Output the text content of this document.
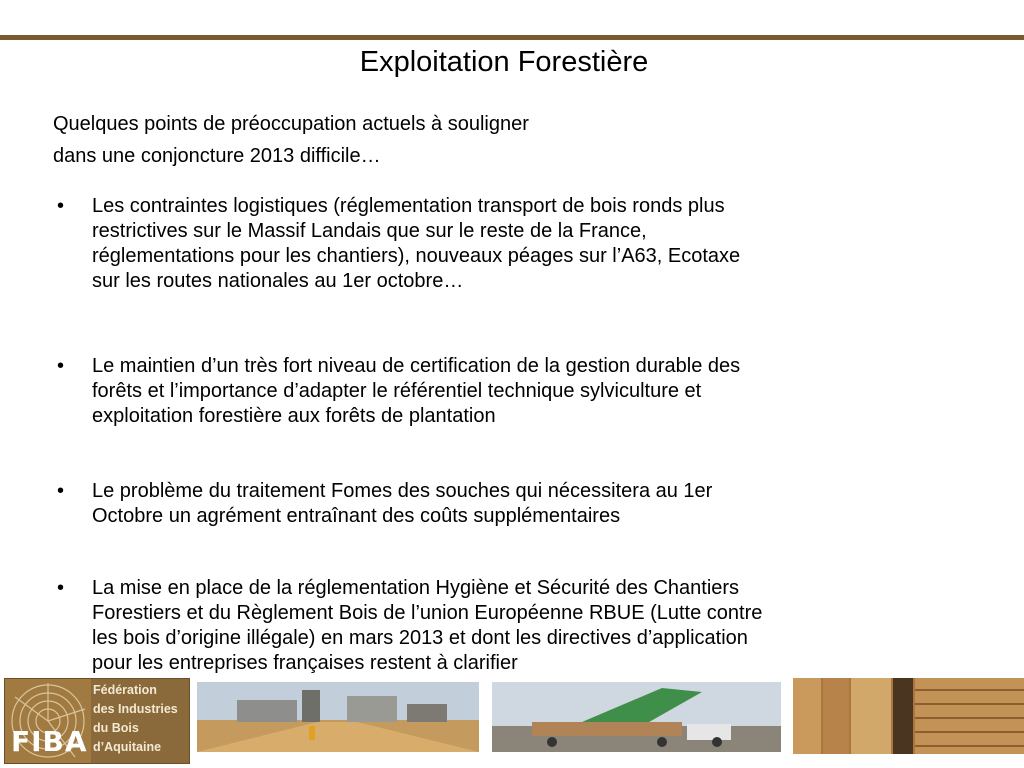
Exploitation Forestière
Quelques points de préoccupation actuels à souligner
dans une conjoncture 2013 difficile…
• Les contraintes logistiques (réglementation transport de bois ronds plus
restrictives sur le Massif Landais que sur le reste de la France,
réglementations pour les chantiers), nouveaux péages sur l’A63, Ecotaxe
sur les routes nationales au 1er octobre…
• Le maintien d’un très fort niveau de certification de la gestion durable des
forêts et l’importance d’adapter le référentiel technique sylviculture et
exploitation forestière aux forêts de plantation
• Le problème du traitement Fomes des souches qui nécessitera au 1er
Octobre un agrément entraînant des coûts supplémentaires
• La mise en place de la réglementation Hygiène et Sécurité des Chantiers
Forestiers et du Règlement Bois de l’union Européenne RBUE (Lutte contre
les bois d’origine illégale) en mars 2013 et dont les directives d’application
pour les entreprises françaises restent à clarifier
FIBA
Fédération
des Industries
du Bois
d’Aquitaine
